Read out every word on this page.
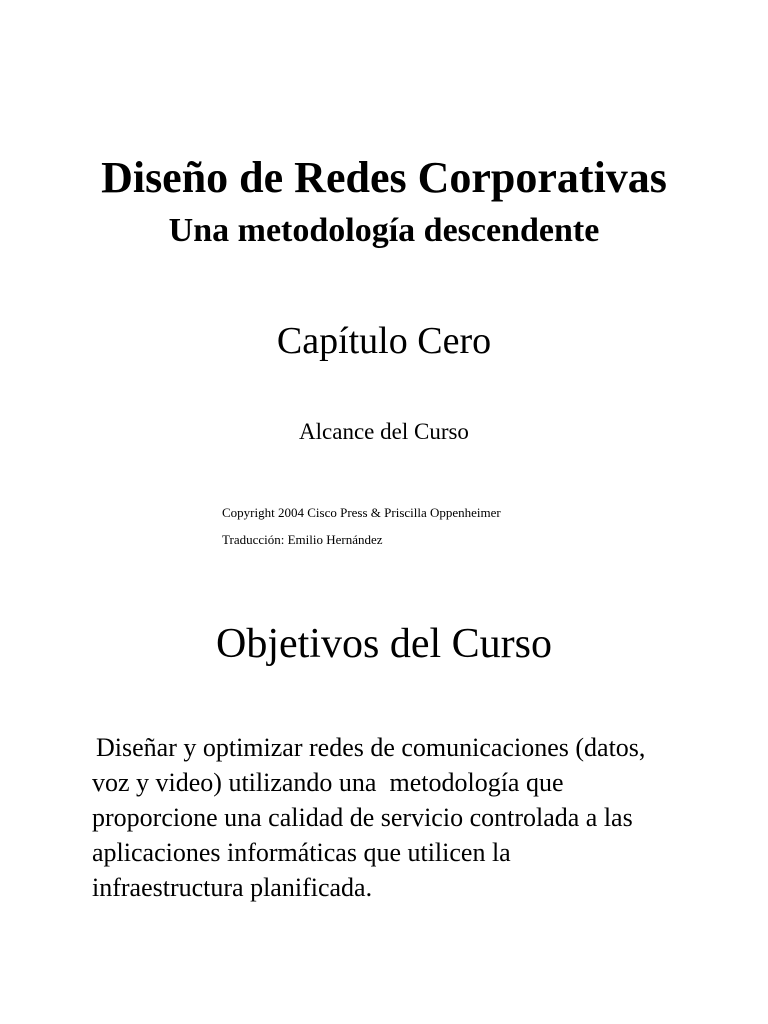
Diseño de Redes Corporativas
Una metodología descendente
Capítulo Cero
Alcance del Curso
Copyright 2004 Cisco Press & Priscilla Oppenheimer
Traducción: Emilio Hernández
Objetivos del Curso

Diseñar y optimizar redes de comunicaciones (datos,
voz y video) utilizando una  metodología que
proporcione una calidad de servicio controlada a las
aplicaciones informáticas que utilicen la
infraestructura planificada.
